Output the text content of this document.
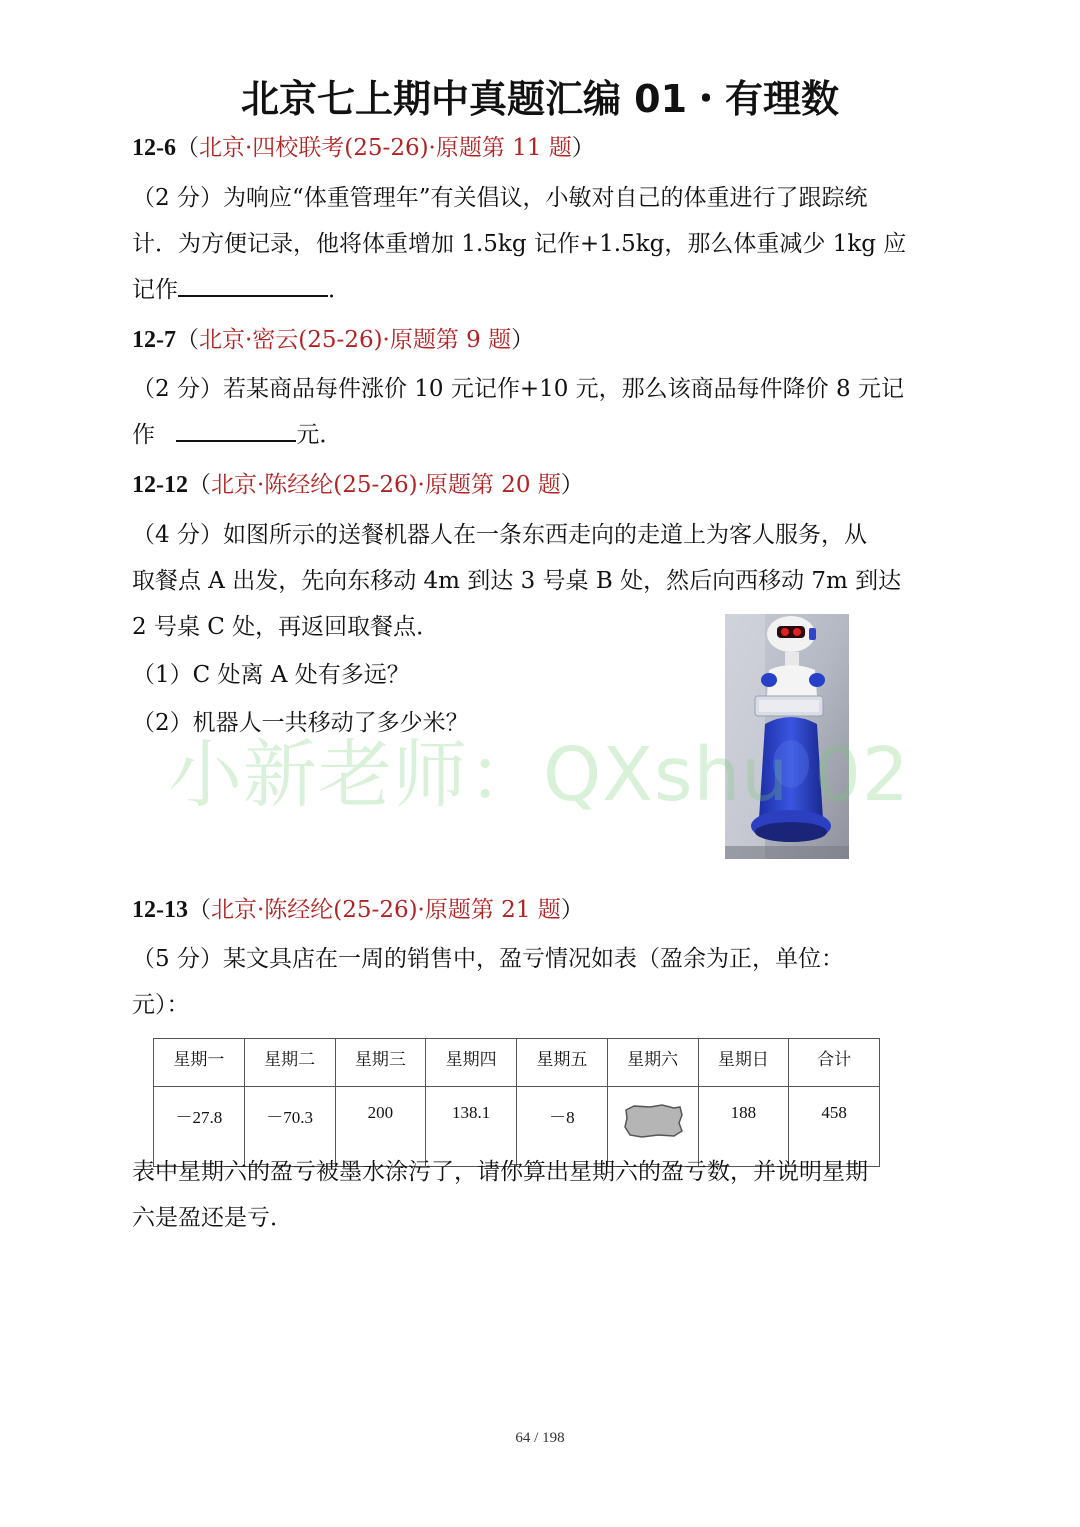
北京七上期中真题汇编 01・有理数
12-6（北京·四校联考(25-26)·原题第 11 题）
（2 分）为响应“体重管理年”有关倡议，小敏对自己的体重进行了跟踪统
计．为方便记录，他将体重增加 1.5kg 记作+1.5kg，那么体重减少 1kg 应
记作	．
12-7（北京·密云(25-26)·原题第 9 题）
（2 分）若某商品每件涨价 10 元记作+10 元，那么该商品每件降价 8 元记
作	元．
12-12（北京·陈经纶(25-26)·原题第 20 题）
（4 分）如图所示的送餐机器人在一条东西走向的走道上为客人服务，从
取餐点 A 出发，先向东移动 4m 到达 3 号桌 B 处，然后向西移动 7m 到达
2 号桌 C 处，再返回取餐点．
（1）C 处离 A 处有多远？
（2）机器人一共移动了多少米？
小新老师：QXshu 02
12-13（北京·陈经纶(25-26)·原题第 21 题）
（5 分）某文具店在一周的销售中，盈亏情况如表（盈余为正，单位：
元）：
星期一	星期二	星期三	星期四	星期五	星期六	星期日	合计
－27.8	－70.3	200	138.1	－8		188	458
表中星期六的盈亏被墨水涂污了，请你算出星期六的盈亏数，并说明星期
六是盈还是亏．
64 / 198
